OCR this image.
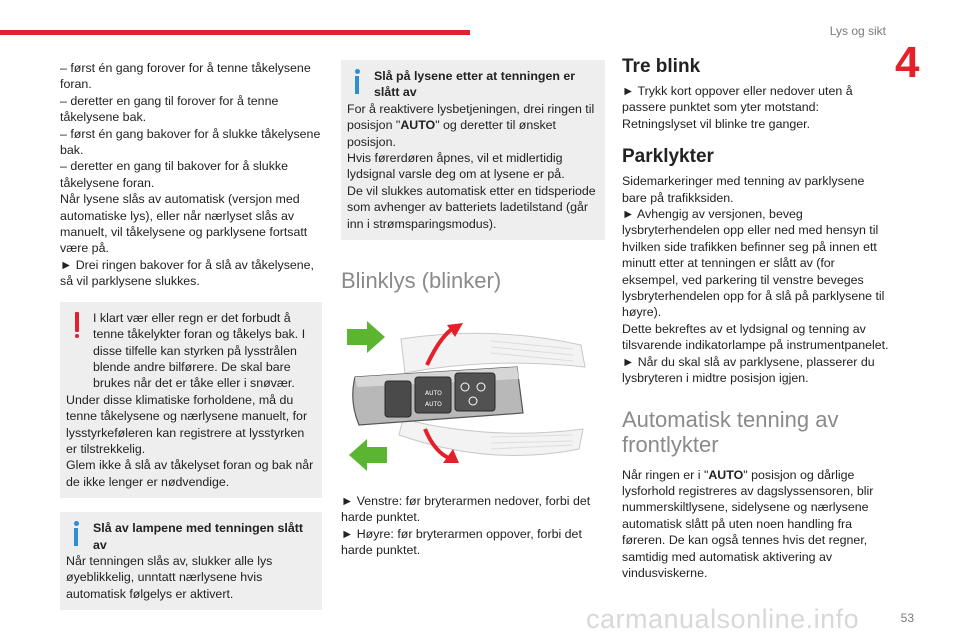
Lys og sikt
4
– først én gang forover for å tenne tåkelysene foran.
– deretter en gang til forover for å tenne tåkelysene bak.
– først én gang bakover for å slukke tåkelysene bak.
– deretter en gang til bakover for å slukke tåkelysene foran.
Når lysene slås av automatisk (versjon med automatiske lys), eller når nærlyset slås av manuelt, vil tåkelysene og parklysene fortsatt være på.
► Drei ringen bakover for å slå av tåkelysene, så vil parklysene slukkes.
I klart vær eller regn er det forbudt å tenne tåkelykter foran og tåkelys bak. I disse tilfelle kan styrken på lysstrålen blende andre bilførere. De skal bare brukes når det er tåke eller i snøvær.
Under disse klimatiske forholdene, må du tenne tåkelysene og nærlysene manuelt, for lysstyrkeføleren kan registrere at lysstyrken er tilstrekkelig.
Glem ikke å slå av tåkelyset foran og bak når de ikke lenger er nødvendige.
Slå av lampene med tenningen slått av
Når tenningen slås av, slukker alle lys øyeblikkelig, unntatt nærlysene hvis automatisk følgelys er aktivert.
Slå på lysene etter at tenningen er slått av
For å reaktivere lysbetjeningen, drei ringen til posisjon "AUTO" og deretter til ønsket posisjon.
Hvis førerdøren åpnes, vil et midlertidig lydsignal varsle deg om at lysene er på.
De vil slukkes automatisk etter en tidsperiode som avhenger av batteriets ladetilstand (går inn i strømsparingsmodus).
Blinklys (blinker)
AUTO
AUTO
► Venstre: før bryterarmen nedover, forbi det harde punktet.
► Høyre: før bryterarmen oppover, forbi det harde punktet.
Tre blink
► Trykk kort oppover eller nedover uten å passere punktet som yter motstand: Retningslyset vil blinke tre ganger.
Parklykter
Sidemarkeringer med tenning av parklysene bare på trafikksiden.
► Avhengig av versjonen, beveg lysbryterhendelen opp eller ned med hensyn til hvilken side trafikken befinner seg på innen ett minutt etter at tenningen er slått av (for eksempel, ved parkering til venstre beveges lysbryterhendelen opp for å slå på parklysene til høyre).
Dette bekreftes av et lydsignal og tenning av tilsvarende indikatorlampe på instrumentpanelet.
► Når du skal slå av parklysene, plasserer du lysbryteren i midtre posisjon igjen.
Automatisk tenning av frontlykter
Når ringen er i "AUTO" posisjon og dårlige lysforhold registreres av dagslyssensoren, blir nummerskiltlysene, sidelysene og nærlysene automatisk slått på uten noen handling fra føreren. De kan også tennes hvis det regner, samtidig med automatisk aktivering av vindusviskerne.
carmanualsonline.info	53
